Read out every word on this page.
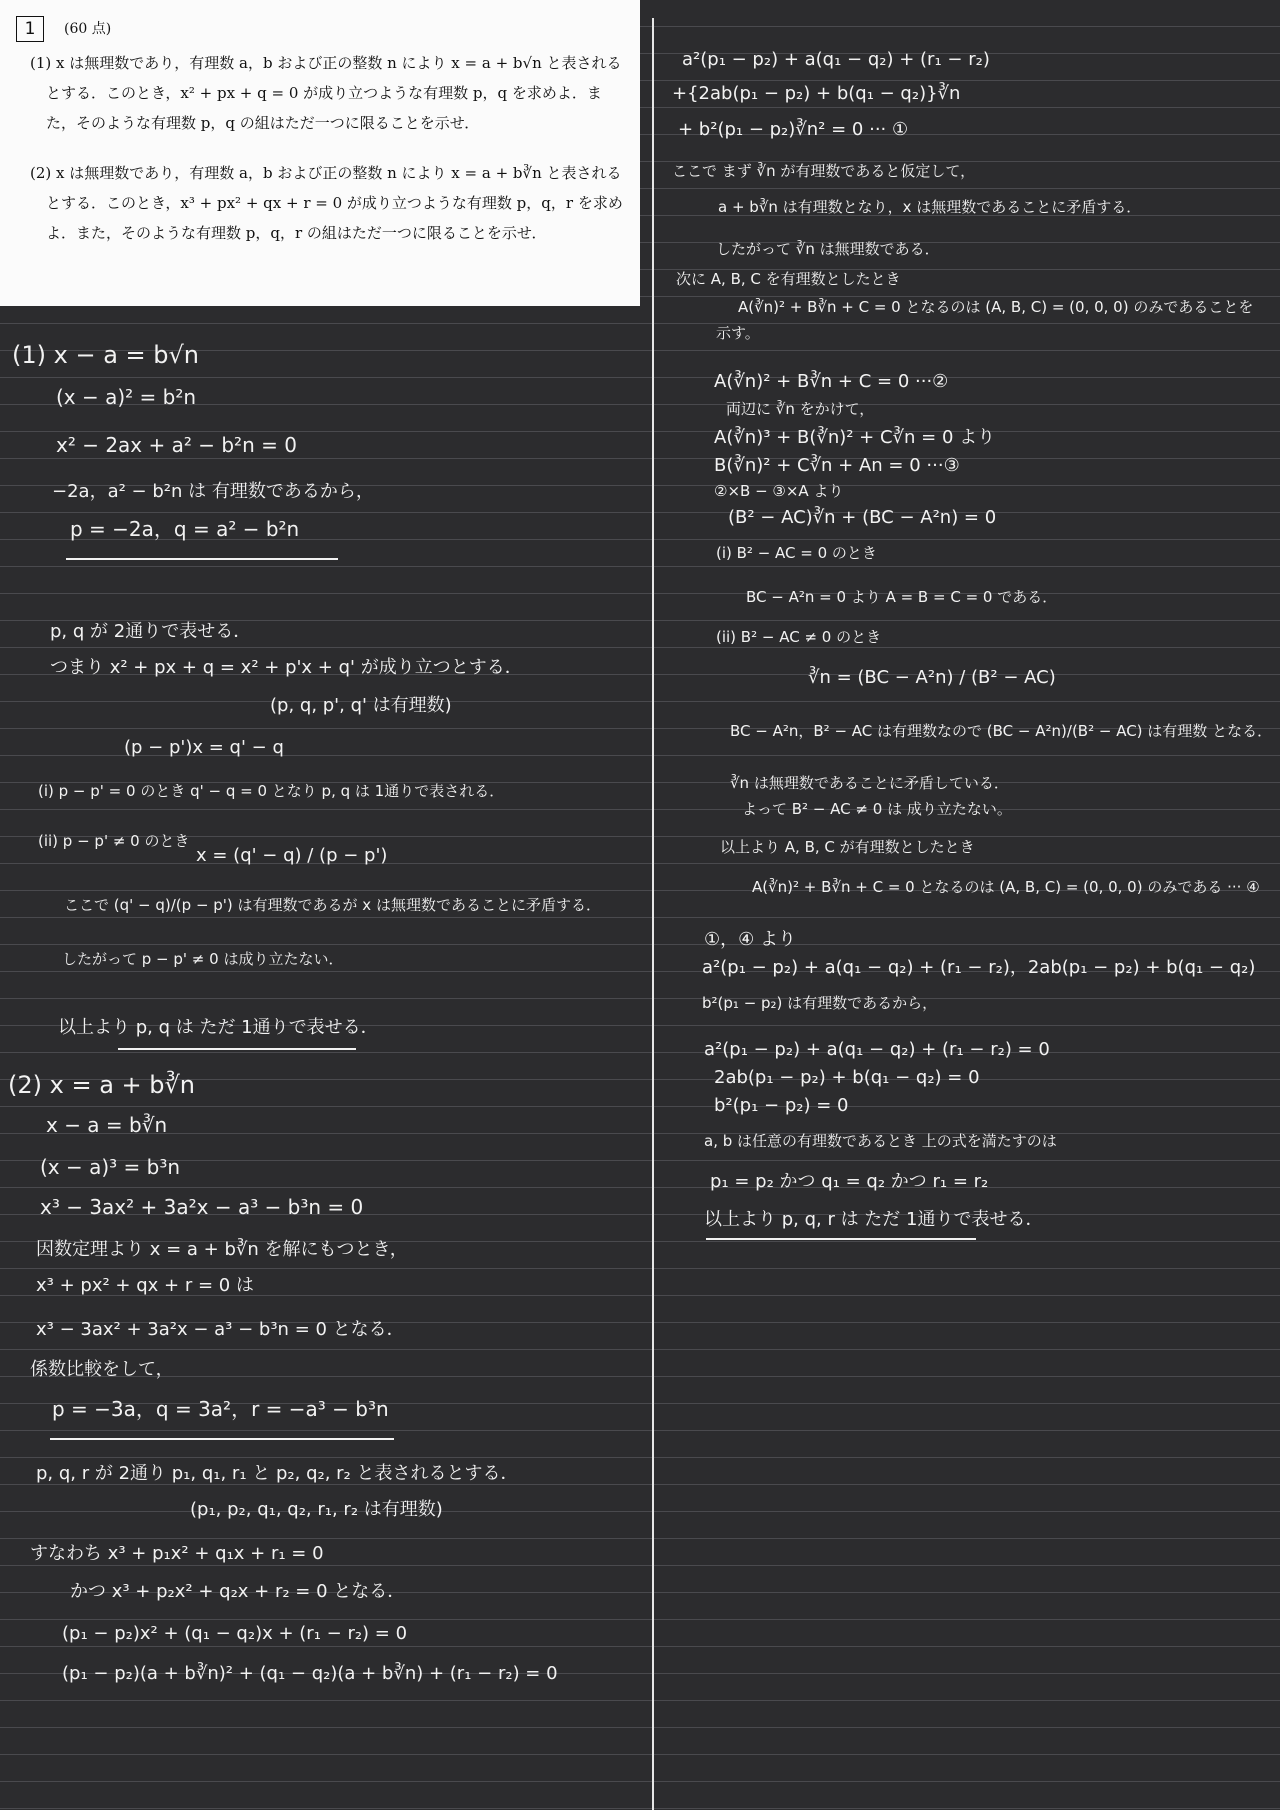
1 (60 点)

(1) x は無理数であり，有理数 a，b および正の整数 n により x = a + b√n と表されるとする．このとき，x² + px + q = 0 が成り立つような有理数 p，q を求めよ．また，そのような有理数 p，q の組はただ一つに限ることを示せ．

(2) x は無理数であり，有理数 a，b および正の整数 n により x = a + b∛n と表されるとする．このとき，x³ + px² + qx + r = 0 が成り立つような有理数 p，q，r を求めよ．また，そのような有理数 p，q，r の組はただ一つに限ることを示せ．

(1) x − a = b√n

(x − a)² = b²n

x² − 2ax + a² − b²n = 0

−2a，a² − b²n は 有理数であるから，

p = −2a，q = a² − b²n

p, q が 2通りで表せる．

つまり x² + px + q = x² + p'x + q' が成り立つとする．

(p, q, p', q' は有理数)

(p − p')x = q' − q

(i) p − p' = 0 のとき q' − q = 0 となり p, q は 1通りで表される．

(ii) p − p' ≠ 0 のとき

x = (q' − q) / (p − p')

ここで (q' − q)/(p − p') は有理数であるが x は無理数であることに矛盾する．

したがって p − p' ≠ 0 は成り立たない．

以上より p, q は ただ 1通りで表せる．

(2) x = a + b∛n

x − a = b∛n

(x − a)³ = b³n

x³ − 3ax² + 3a²x − a³ − b³n = 0

因数定理より x = a + b∛n を解にもつとき，

x³ + px² + qx + r = 0 は

x³ − 3ax² + 3a²x − a³ − b³n = 0 となる．

係数比較をして，

p = −3a，q = 3a²，r = −a³ − b³n

p, q, r が 2通り p₁, q₁, r₁ と p₂, q₂, r₂ と表されるとする．

(p₁, p₂, q₁, q₂, r₁, r₂ は有理数)

すなわち x³ + p₁x² + q₁x + r₁ = 0

かつ x³ + p₂x² + q₂x + r₂ = 0 となる．

(p₁ − p₂)x² + (q₁ − q₂)x + (r₁ − r₂) = 0

(p₁ − p₂)(a + b∛n)² + (q₁ − q₂)(a + b∛n) + (r₁ − r₂) = 0

a²(p₁ − p₂) + a(q₁ − q₂) + (r₁ − r₂)

+{2ab(p₁ − p₂) + b(q₁ − q₂)}∛n

+ b²(p₁ − p₂)∛n² = 0 ··· ①

ここで まず ∛n が有理数であると仮定して，

a + b∛n は有理数となり，x は無理数であることに矛盾する．

したがって ∛n は無理数である．

次に A, B, C を有理数としたとき

A(∛n)² + B∛n + C = 0 となるのは (A, B, C) = (0, 0, 0) のみであることを

示す。

A(∛n)² + B∛n + C = 0 ···②

両辺に ∛n をかけて，

A(∛n)³ + B(∛n)² + C∛n = 0 より

B(∛n)² + C∛n + An = 0 ···③

②×B − ③×A より

(B² − AC)∛n + (BC − A²n) = 0

(i) B² − AC = 0 のとき

BC − A²n = 0 より A = B = C = 0 である．

(ii) B² − AC ≠ 0 のとき

∛n = (BC − A²n) / (B² − AC)

BC − A²n，B² − AC は有理数なので (BC − A²n)/(B² − AC) は有理数 となる．

∛n は無理数であることに矛盾している．

よって B² − AC ≠ 0 は 成り立たない。

以上より A, B, C が有理数としたとき

A(∛n)² + B∛n + C = 0 となるのは (A, B, C) = (0, 0, 0) のみである ··· ④

①，④ より

a²(p₁ − p₂) + a(q₁ − q₂) + (r₁ − r₂)，2ab(p₁ − p₂) + b(q₁ − q₂)

b²(p₁ − p₂) は有理数であるから，

a²(p₁ − p₂) + a(q₁ − q₂) + (r₁ − r₂) = 0

2ab(p₁ − p₂) + b(q₁ − q₂) = 0

b²(p₁ − p₂) = 0

a, b は任意の有理数であるとき 上の式を満たすのは

p₁ = p₂ かつ q₁ = q₂ かつ r₁ = r₂

以上より p, q, r は ただ 1通りで表せる．
